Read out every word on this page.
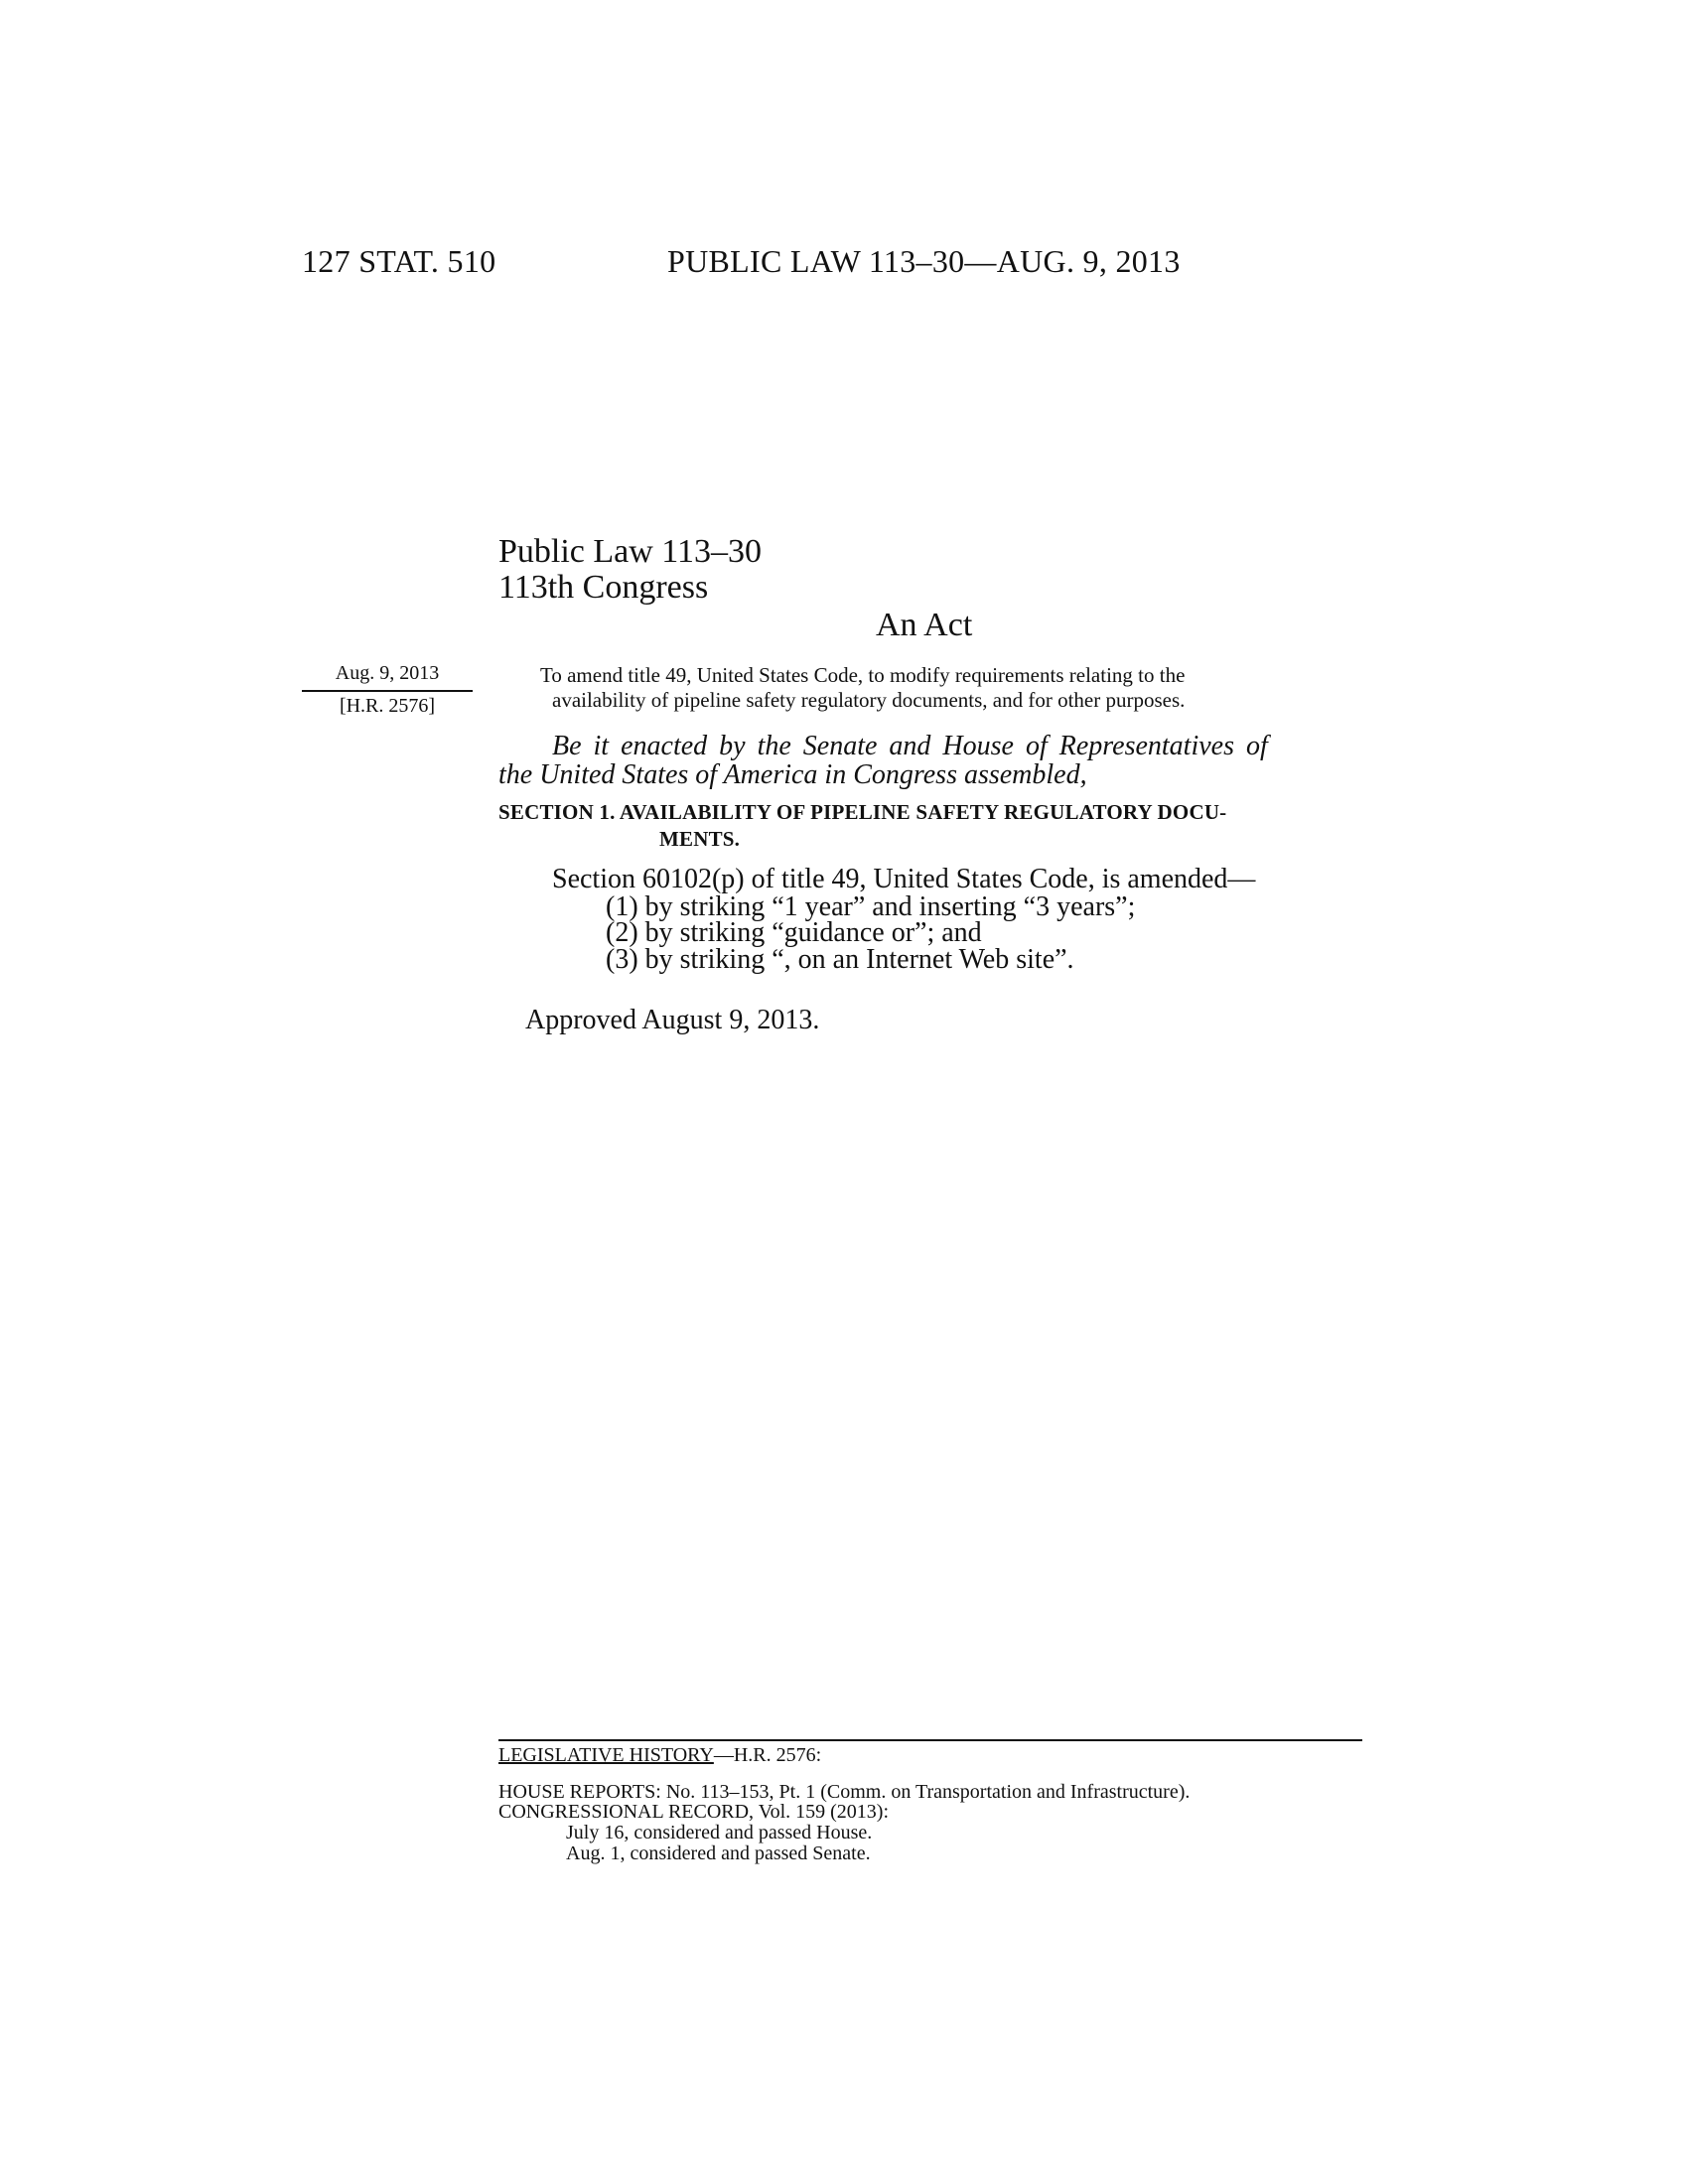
127 STAT. 510	PUBLIC LAW 113–30—AUG. 9, 2013
Public Law 113–30
113th Congress
An Act
Aug. 9, 2013
[H.R. 2576]
To amend title 49, United States Code, to modify requirements relating to the
availability of pipeline safety regulatory documents, and for other purposes.
Be it enacted by the Senate and House of Representatives of
the United States of America in Congress assembled,
SECTION 1. AVAILABILITY OF PIPELINE SAFETY REGULATORY DOCU-
MENTS.
Section 60102(p) of title 49, United States Code, is amended—
(1) by striking “1 year” and inserting “3 years”;
(2) by striking “guidance or”; and
(3) by striking “, on an Internet Web site”.
Approved August 9, 2013.
LEGISLATIVE HISTORY—H.R. 2576:
HOUSE REPORTS: No. 113–153, Pt. 1 (Comm. on Transportation and Infrastructure).
CONGRESSIONAL RECORD, Vol. 159 (2013):
July 16, considered and passed House.
Aug. 1, considered and passed Senate.
